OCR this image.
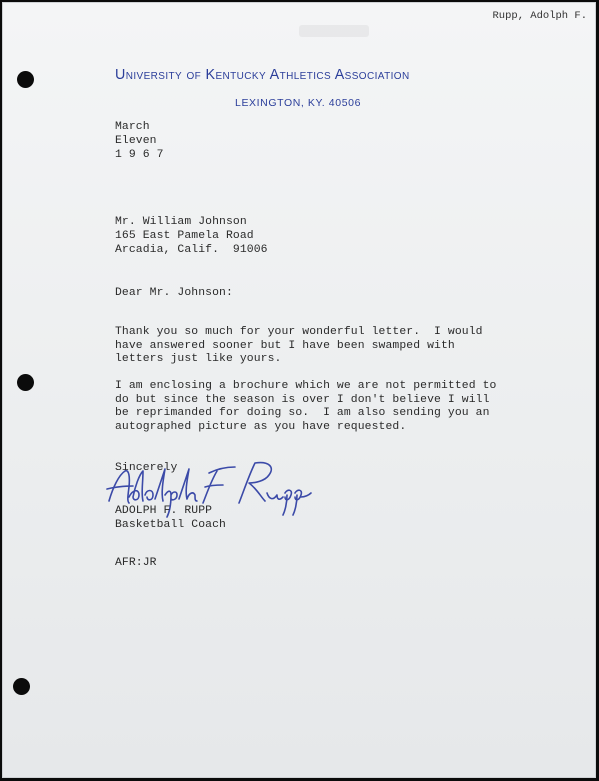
Rupp, Adolph F.
University of Kentucky Athletics Association
LEXINGTON, KY. 40506
March
Eleven
1 9 6 7
Mr. William Johnson
165 East Pamela Road
Arcadia, Calif.  91006
Dear Mr. Johnson:
Thank you so much for your wonderful letter.  I would
have answered sooner but I have been swamped with
letters just like yours.
I am enclosing a brochure which we are not permitted to
do but since the season is over I don't believe I will
be reprimanded for doing so.  I am also sending you an
autographed picture as you have requested.
Sincerely
ADOLPH F. RUPP
Basketball Coach
AFR:JR
